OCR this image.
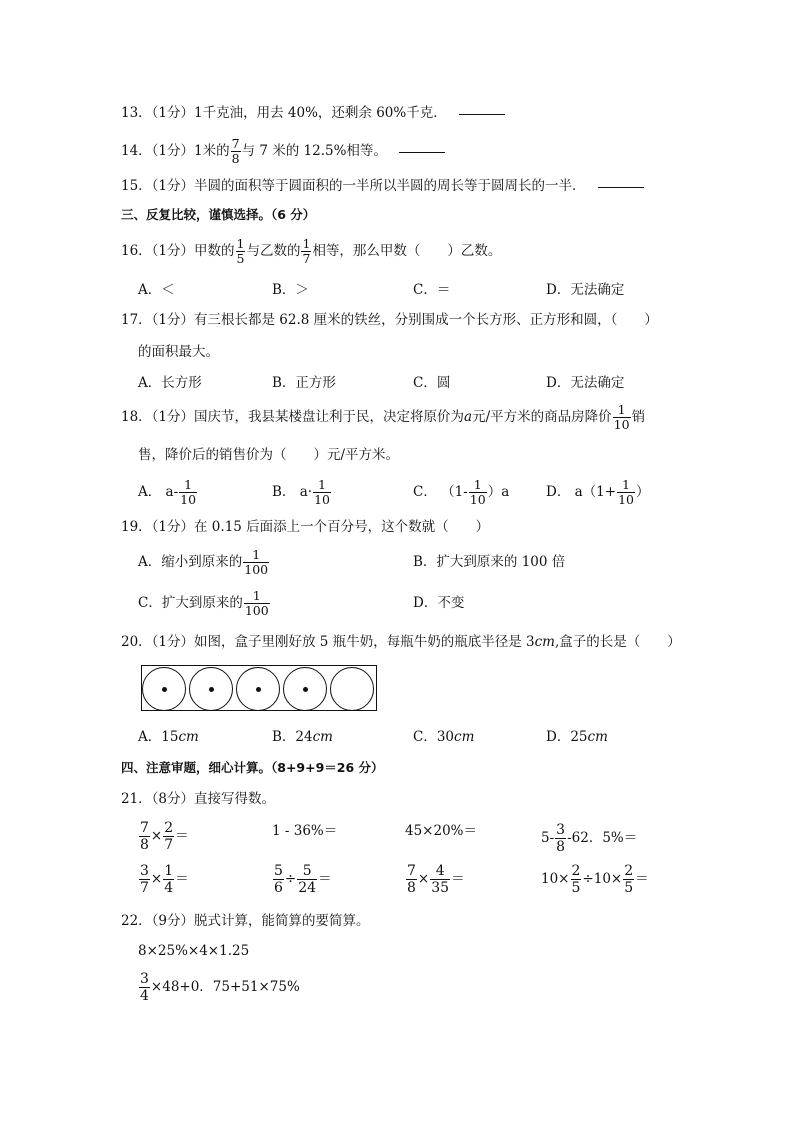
13．（1分）1千克油，用去 40%，还剩余 60%千克．
14．（1分）1米的 $\frac{7}{8}$ 与 7 米的 12.5%相等。
15．（1分）半圆的面积等于圆面积的一半所以半圆的周长等于圆周长的一半．
三、反复比较，谨慎选择。（6 分）
16．（1分）甲数的 $\frac{1}{5}$ 与乙数的 $\frac{1}{7}$ 相等，那么甲数（　　）乙数。
A．＜	B．＞	C．＝	D．无法确定
17．（1分）有三根长都是 62.8 厘米的铁丝，分别围成一个长方形、正方形和圆，（　　）
的面积最大。
A．长方形	B．正方形	C．圆	D．无法确定
18．（1分）国庆节，我县某楼盘让利于民，决定将原价为a元/平方米的商品房降价 $\frac{1}{10}$ 销
售，降价后的销售价为（　　）元/平方米。
A． $a- \frac{1}{10}$	B． $a\cdot \frac{1}{10}$	C． $(1- \frac{1}{10} )a$	D． $a(1+ \frac{1}{10}$ ）
19．（1分）在 0.15 后面添上一个百分号，这个数就（　　）
A．缩小到原来的 $\frac{1}{100}$	B．扩大到原来的 100 倍
C．扩大到原来的 $\frac{1}{100}$	D．不变
20．（1分）如图，盒子里刚好放 5 瓶牛奶，每瓶牛奶的瓶底半径是 3cm,盒子的长是（　　）
A．15cm	B．24cm	C．30cm	D．25cm
四、注意审题，细心计算。（8+9+9＝26 分）
21．（8分）直接写得数。
$\frac{7}{8} \times \frac{2}{7}$ ＝	1 - 36%＝	45×20%＝	$5- \frac{3}{8} -62$．5%＝
$\frac{3}{7} \times \frac{1}{4}$ ＝	$\frac{5}{6} \div \frac{5}{24}$ ＝	$\frac{7}{8} \times \frac{4}{35}$ ＝	$10\times \frac{2}{5} \div 10\times \frac{2}{5}$ ＝
22．（9分）脱式计算，能简算的要简算。
8×25%×4×1.25
$\frac{3}{4} \times 48+0$．75+51×75%
